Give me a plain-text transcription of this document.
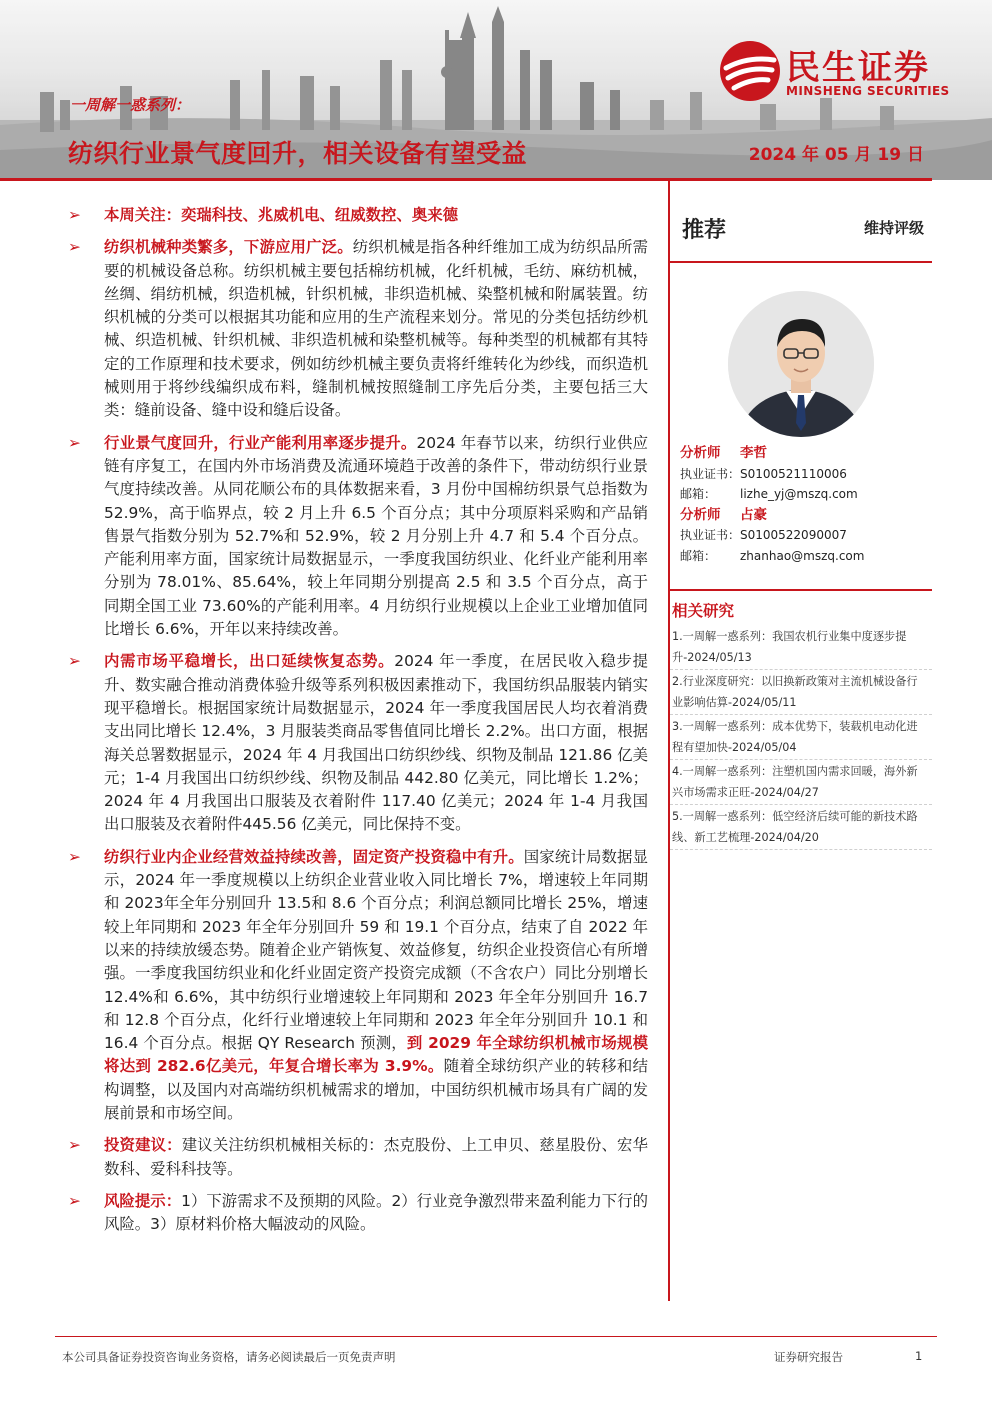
民生证券
MINSHENG SECURITIES
一周解一惑系列：
纺织行业景气度回升，相关设备有望受益	2024 年 05 月 19 日
➢ 本周关注：奕瑞科技、兆威机电、纽威数控、奥来德
➢ 纺织机械种类繁多，下游应用广泛。纺织机械是指各种纤维加工成为纺织品所需要的机械设备总称。纺织机械主要包括棉纺机械，化纤机械，毛纺、麻纺机械，丝绸、绢纺机械，织造机械，针织机械，非织造机械、染整机械和附属装置。纺织机械的分类可以根据其功能和应用的生产流程来划分。常见的分类包括纺纱机械、织造机械、针织机械、非织造机械和染整机械等。每种类型的机械都有其特定的工作原理和技术要求，例如纺纱机械主要负责将纤维转化为纱线，而织造机械则用于将纱线编织成布料，缝制机械按照缝制工序先后分类，主要包括三大类：缝前设备、缝中设和缝后设备。
➢ 行业景气度回升，行业产能利用率逐步提升。2024 年春节以来，纺织行业供应链有序复工，在国内外市场消费及流通环境趋于改善的条件下，带动纺织行业景气度持续改善。从同花顺公布的具体数据来看，3 月份中国棉纺织景气总指数为 52.9%，高于临界点，较 2 月上升 6.5 个百分点；其中分项原料采购和产品销售景气指数分别为 52.7%和 52.9%，较 2 月分别上升 4.7 和 5.4 个百分点。产能利用率方面，国家统计局数据显示，一季度我国纺织业、化纤业产能利用率分别为 78.01%、85.64%，较上年同期分别提高 2.5 和 3.5 个百分点，高于同期全国工业 73.60%的产能利用率。4 月纺织行业规模以上企业工业增加值同比增长 6.6%，开年以来持续改善。
➢ 内需市场平稳增长，出口延续恢复态势。2024 年一季度，在居民收入稳步提升、数实融合推动消费体验升级等系列积极因素推动下，我国纺织品服装内销实现平稳增长。根据国家统计局数据显示，2024 年一季度我国居民人均衣着消费支出同比增长 12.4%，3 月服装类商品零售值同比增长 2.2%。出口方面，根据海关总署数据显示，2024 年 4 月我国出口纺织纱线、织物及制品 121.86 亿美元；1-4 月我国出口纺织纱线、织物及制品 442.80 亿美元，同比增长 1.2%；2024 年 4 月我国出口服装及衣着附件 117.40 亿美元；2024 年 1-4 月我国出口服装及衣着附件445.56 亿美元，同比保持不变。
➢ 纺织行业内企业经营效益持续改善，固定资产投资稳中有升。国家统计局数据显示，2024 年一季度规模以上纺织企业营业收入同比增长 7%，增速较上年同期和 2023年全年分别回升 13.5和 8.6 个百分点；利润总额同比增长 25%，增速较上年同期和 2023 年全年分别回升 59 和 19.1 个百分点，结束了自 2022 年以来的持续放缓态势。随着企业产销恢复、效益修复，纺织企业投资信心有所增强。一季度我国纺织业和化纤业固定资产投资完成额（不含农户）同比分别增长 12.4%和 6.6%，其中纺织行业增速较上年同期和 2023 年全年分别回升 16.7 和 12.8 个百分点，化纤行业增速较上年同期和 2023 年全年分别回升 10.1 和 16.4 个百分点。根据 QY Research 预测，到 2029 年全球纺织机械市场规模将达到 282.6亿美元，年复合增长率为 3.9%。随着全球纺织产业的转移和结构调整，以及国内对高端纺织机械需求的增加，中国纺织机械市场具有广阔的发展前景和市场空间。
➢ 投资建议：建议关注纺织机械相关标的：杰克股份、上工申贝、慈星股份、宏华数科、爱科科技等。
➢ 风险提示：1）下游需求不及预期的风险。2）行业竞争激烈带来盈利能力下行的风险。3）原材料价格大幅波动的风险。
推荐	维持评级
分析师 李哲
执业证书：S0100521110006
邮箱： lizhe_yj@mszq.com
分析师 占豪
执业证书：S0100522090007
邮箱： zhanhao@mszq.com
相关研究
1.一周解一惑系列：我国农机行业集中度逐步提升-2024/05/13
2.行业深度研究：以旧换新政策对主流机械设备行业影响估算-2024/05/11
3.一周解一惑系列：成本优势下，装载机电动化进程有望加快-2024/05/04
4.一周解一惑系列：注塑机国内需求回暖，海外新兴市场需求正旺-2024/04/27
5.一周解一惑系列：低空经济后续可能的新技术路线、新工艺梳理-2024/04/20
本公司具备证券投资咨询业务资格，请务必阅读最后一页免责声明	证券研究报告	1
